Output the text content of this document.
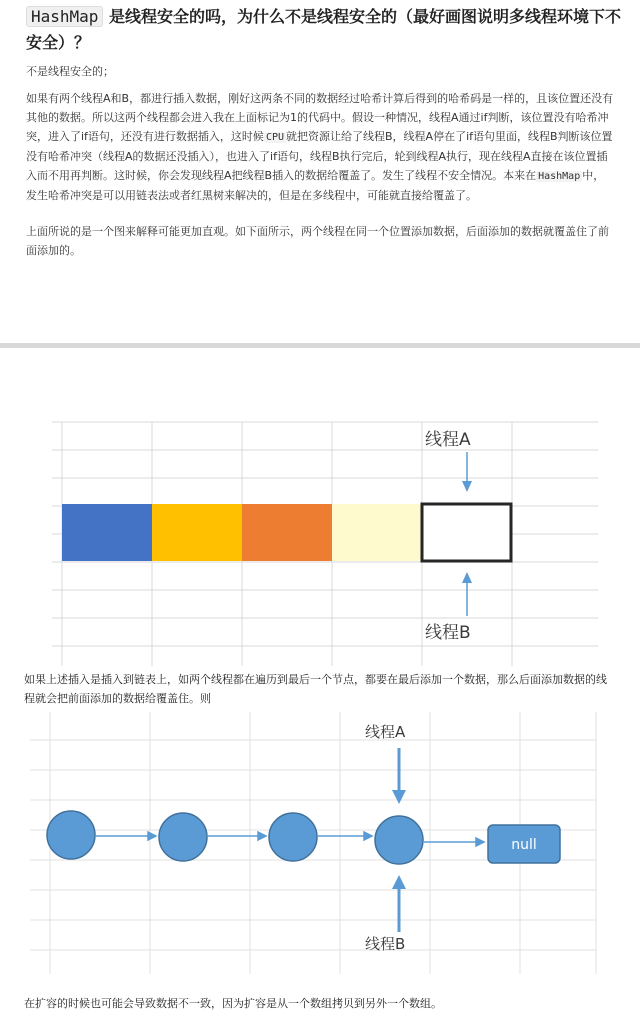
HashMap 是线程安全的吗，为什么不是线程安全的（最好画图说明多线程环境下不安全）？

不是线程安全的；

如果有两个线程A和B，都进行插入数据，刚好这两条不同的数据经过哈希计算后得到的哈希码是一样的，且该位置还没有其他的数据。所以这两个线程都会进入我在上面标记为1的代码中。假设一种情况，线程A通过if判断，该位置没有哈希冲突，进入了if语句，还没有进行数据插入，这时候 CPU 就把资源让给了线程B，线程A停在了if语句里面，线程B判断该位置没有哈希冲突（线程A的数据还没插入），也进入了if语句，线程B执行完后，轮到线程A执行，现在线程A直接在该位置插入而不用再判断。这时候，你会发现线程A把线程B插入的数据给覆盖了。发生了线程不安全情况。本来在 HashMap 中，发生哈希冲突是可以用链表法或者红黑树来解决的，但是在多线程中，可能就直接给覆盖了。

上面所说的是一个图来解释可能更加直观。如下面所示，两个线程在同一个位置添加数据，后面添加的数据就覆盖住了前面添加的。

线程A
线程B

如果上述插入是插入到链表上，如两个线程都在遍历到最后一个节点，都要在最后添加一个数据，那么后面添加数据的线程就会把前面添加的数据给覆盖住。则

null
线程A
线程B

在扩容的时候也可能会导致数据不一致，因为扩容是从一个数组拷贝到另外一个数组。
